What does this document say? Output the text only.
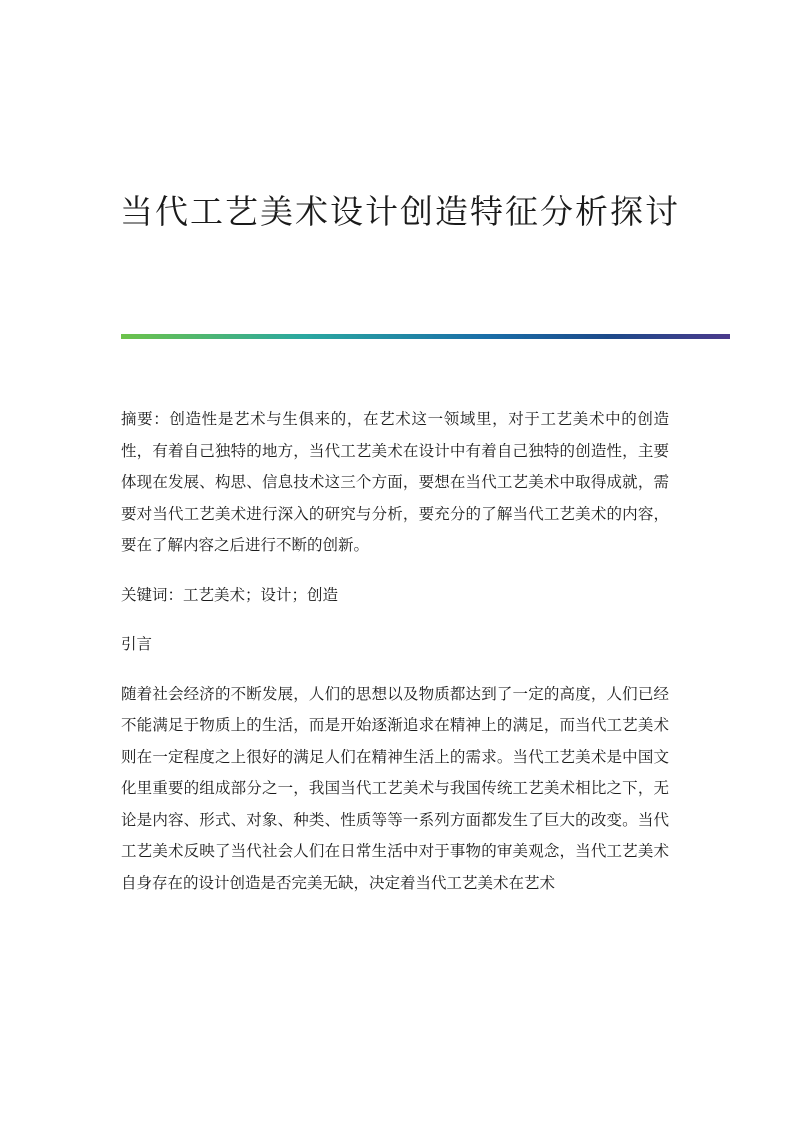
当代工艺美术设计创造特征分析探讨

摘要：创造性是艺术与生俱来的，在艺术这一领域里，对于工艺美术中的创造性，有着自己独特的地方，当代工艺美术在设计中有着自己独特的创造性，主要体现在发展、构思、信息技术这三个方面，要想在当代工艺美术中取得成就，需要对当代工艺美术进行深入的研究与分析，要充分的了解当代工艺美术的内容，要在了解内容之后进行不断的创新。

关键词：工艺美术；设计；创造

引言

随着社会经济的不断发展，人们的思想以及物质都达到了一定的高度，人们已经不能满足于物质上的生活，而是开始逐渐追求在精神上的满足，而当代工艺美术则在一定程度之上很好的满足人们在精神生活上的需求。当代工艺美术是中国文化里重要的组成部分之一，我国当代工艺美术与我国传统工艺美术相比之下，无论是内容、形式、对象、种类、性质等等一系列方面都发生了巨大的改变。当代工艺美术反映了当代社会人们在日常生活中对于事物的审美观念，当代工艺美术自身存在的设计创造是否完美无缺，决定着当代工艺美术在艺术
